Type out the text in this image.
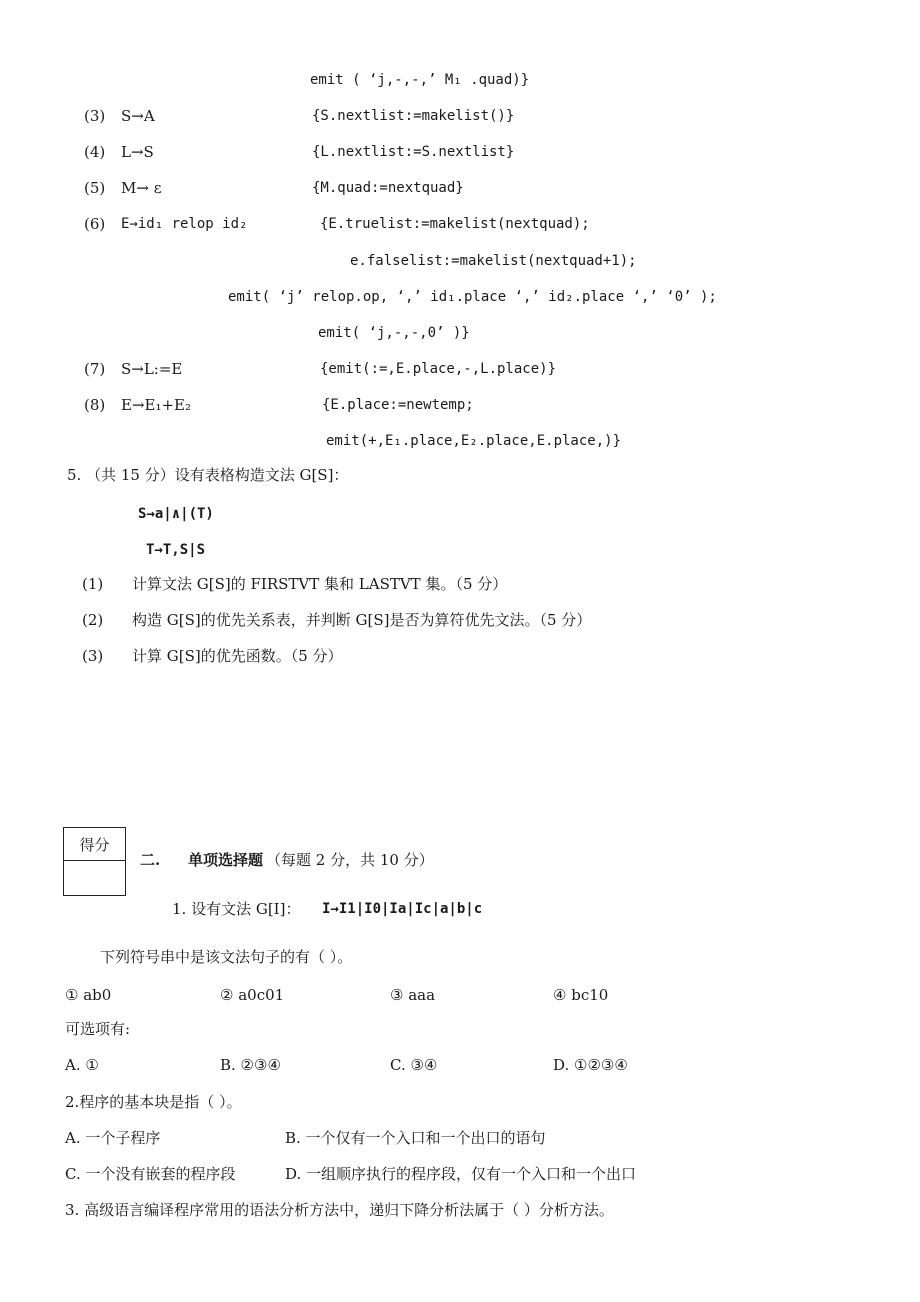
emit ( ‘j,-,-,’ M₁ .quad)}
(3) S→A	{S.nextlist:=makelist()}
(4) L→S	{L.nextlist:=S.nextlist}
(5) M→ ε	{M.quad:=nextquad}
(6) E→id₁ relop id₂	{E.truelist:=makelist(nextquad);
e.falselist:=makelist(nextquad+1);
emit( ‘j’ relop.op, ‘,’ id₁.place ‘,’ id₂.place ‘,’ ‘0’ );
emit( ‘j,-,-,0’ )}
(7) S→L:=E	{emit(:=,E.place,-,L.place)}
(8) E→E₁+E₂	{E.place:=newtemp;
emit(+,E₁.place,E₂.place,E.place,)}
5. （共 15 分）设有表格构造文法 G[S]：
S→a|∧|(T)
T→T,S|S
(1) 计算文法 G[S]的 FIRSTVT 集和 LASTVT 集。（5 分）
(2) 构造 G[S]的优先关系表，并判断 G[S]是否为算符优先文法。（5 分）
(3) 计算 G[S]的优先函数。（5 分）
得分
二. 单项选择题 （每题 2 分，共 10 分）
1. 设有文法 G[I]： I→I1|I0|Ia|Ic|a|b|c
下列符号串中是该文法句子的有（ ）。
① ab0	② a0c01	③ aaa	④ bc10
可选项有:
A. ①	B. ②③④	C. ③④	D. ①②③④
2.程序的基本块是指（ ）。
A. 一个子程序	B. 一个仅有一个入口和一个出口的语句
C. 一个没有嵌套的程序段	D. 一组顺序执行的程序段，仅有一个入口和一个出口
3. 高级语言编译程序常用的语法分析方法中，递归下降分析法属于（ ）分析方法。
